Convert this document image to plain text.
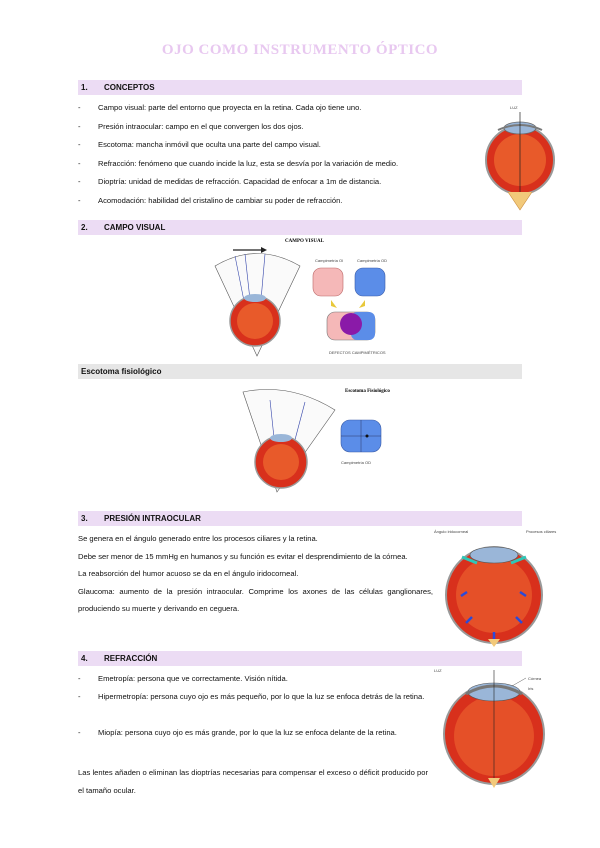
OJO COMO INSTRUMENTO ÓPTICO
1.	CONCEPTOS
-	Campo visual: parte del entorno que proyecta en la retina. Cada ojo tiene uno.
-	Presión intraocular: campo en el que convergen los dos ojos.
-	Escotoma: mancha inmóvil que oculta una parte del campo visual.
-	Refracción: fenómeno que cuando incide la luz, esta se desvía por la variación de medio.
-	Dioptría: unidad de medidas de refracción. Capacidad de enfocar a 1m de distancia.
-	Acomodación: habilidad del cristalino de cambiar su poder de refracción.
LUZ
2.	CAMPO VISUAL
CAMPO VISUAL
Campimetría OI	Campimetría OD
DEFECTOS CAMPIMÉTRICOS
Escotoma fisiológico
Escotoma Fisiológico
Campimetría OD
3.	PRESIÓN INTRAOCULAR
Se genera en el ángulo generado entre los procesos ciliares y la retina.
Debe ser menor de 15 mmHg en humanos y su función es evitar el desprendimiento de la córnea.
La reabsorción del humor acuoso se da en el ángulo iridocorneal.
Glaucoma: aumento de la presión intraocular. Comprime los axones de las células ganglionares, produciendo su muerte y derivando en ceguera.
Ángulo iridocorneal	Procesos ciliares
4.	REFRACCIÓN
-	Emetropía: persona que ve correctamente. Visión nítida.
-	Hipermetropía: persona cuyo ojo es más pequeño, por lo que la luz se enfoca detrás de la retina.
-	Miopía: persona cuyo ojo es más grande, por lo que la luz se enfoca delante de la retina.
Las lentes añaden o eliminan las dioptrías necesarias para compensar el exceso o déficit producido por el tamaño ocular.
LUZ
Córnea
Iris
